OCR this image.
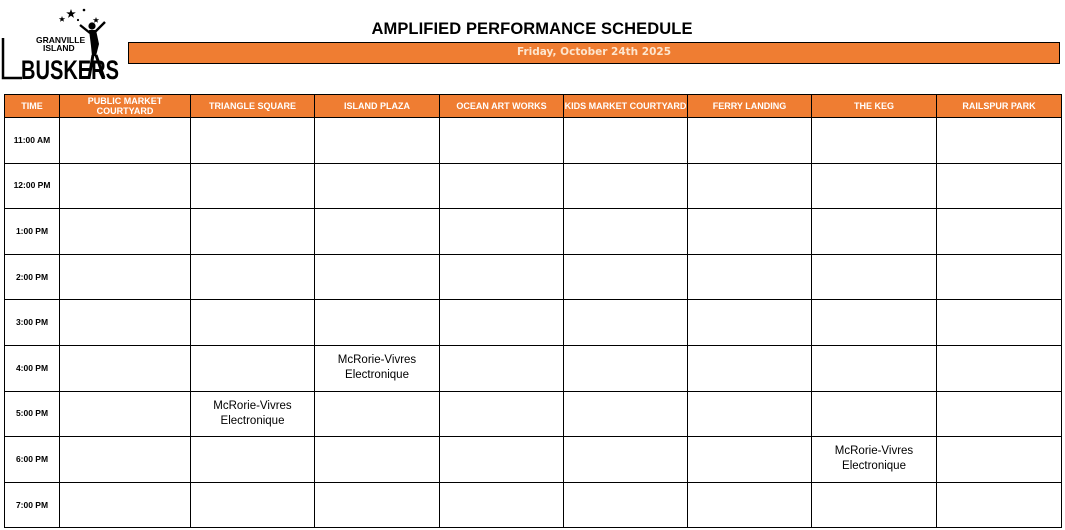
GRANVILLE
ISLAND
BUSKERS
AMPLIFIED PERFORMANCE SCHEDULE
Friday, October 24th 2025
TIME	PUBLIC MARKET COURTYARD	TRIANGLE SQUARE	ISLAND PLAZA	OCEAN ART WORKS	KIDS MARKET COURTYARD	FERRY LANDING	THE KEG	RAILSPUR PARK
11:00 AM								
12:00 PM								
1:00 PM								
2:00 PM								
3:00 PM								
4:00 PM			McRorie-Vivres Electronique					
5:00 PM		McRorie-Vivres Electronique						
6:00 PM							McRorie-Vivres Electronique	
7:00 PM								
